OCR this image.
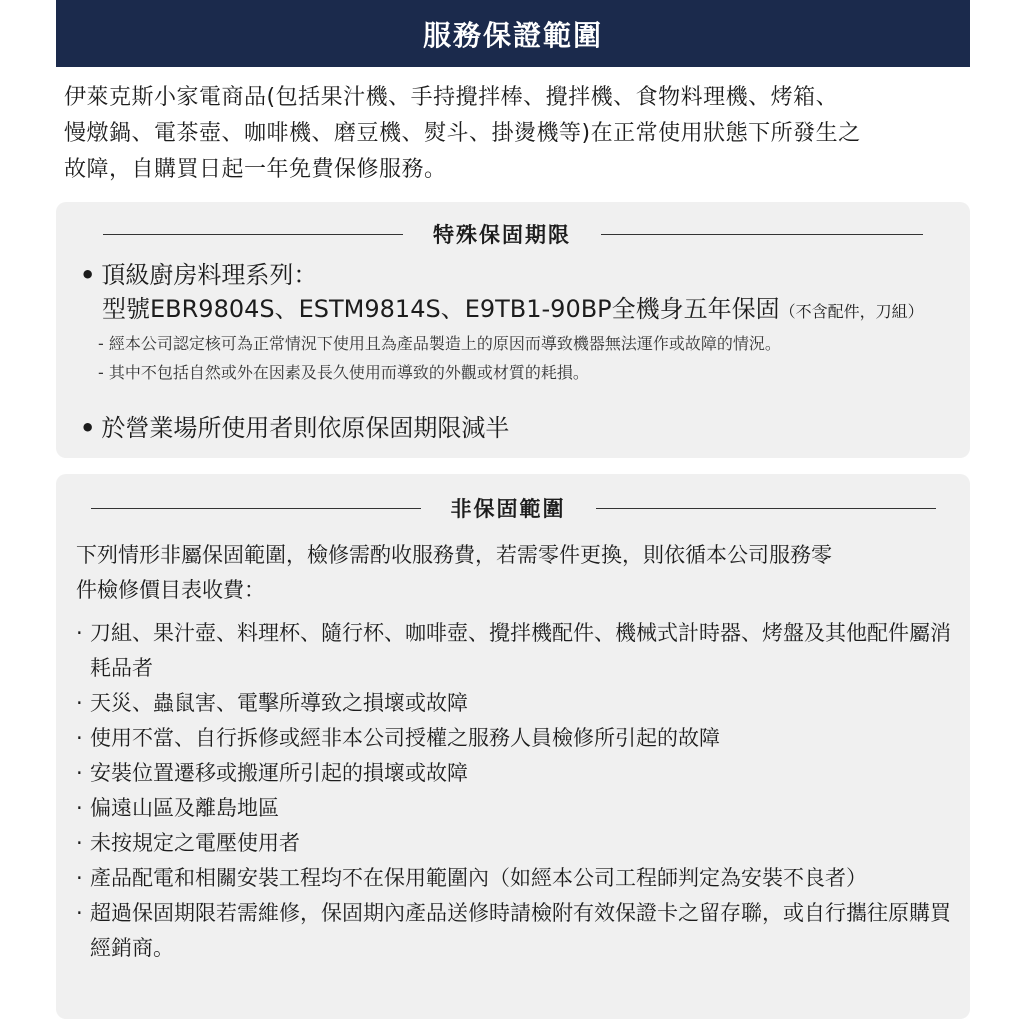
服務保證範圍
伊萊克斯小家電商品(包括果汁機、手持攪拌棒、攪拌機、食物料理機、烤箱、
慢燉鍋、電茶壺、咖啡機、磨豆機、熨斗、掛燙機等)在正常使用狀態下所發生之
故障，自購買日起一年免費保修服務。
特殊保固期限
• 頂級廚房料理系列：
型號EBR9804S、ESTM9814S、E9TB1-90BP全機身五年保固（不含配件，刀組）
- 經本公司認定核可為正常情況下使用且為產品製造上的原因而導致機器無法運作或故障的情況。
- 其中不包括自然或外在因素及長久使用而導致的外觀或材質的耗損。
• 於營業場所使用者則依原保固期限減半
非保固範圍
下列情形非屬保固範圍，檢修需酌收服務費，若需零件更換，則依循本公司服務零
件檢修價目表收費：
· 刀組、果汁壺、料理杯、隨行杯、咖啡壺、攪拌機配件、機械式計時器、烤盤及其他配件屬消耗品者
· 天災、蟲鼠害、電擊所導致之損壞或故障
· 使用不當、自行拆修或經非本公司授權之服務人員檢修所引起的故障
· 安裝位置遷移或搬運所引起的損壞或故障
· 偏遠山區及離島地區
· 未按規定之電壓使用者
· 產品配電和相關安裝工程均不在保用範圍內（如經本公司工程師判定為安裝不良者）
· 超過保固期限若需維修，保固期內產品送修時請檢附有效保證卡之留存聯，或自行攜往原購買經銷商。
